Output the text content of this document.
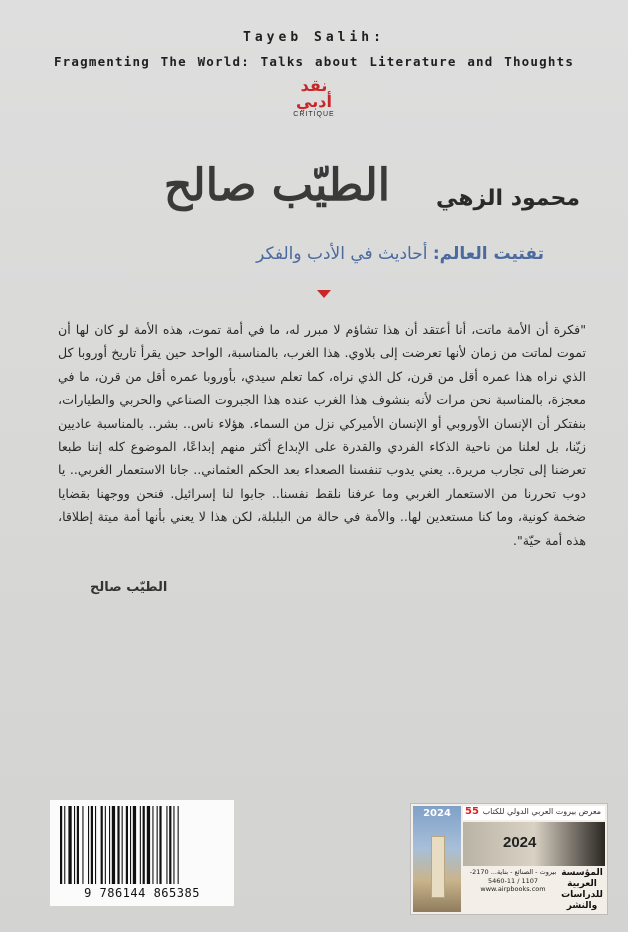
Tayeb Salih:
Fragmenting The World: Talks about Literature and Thoughts
نقد أدبي
CRITIQUE
الطيّب صالح محمود الزهي
تفتيت العالم: أحاديث في الأدب والفكر
"فكرة أن الأمة ماتت، أنا أعتقد أن هذا تشاؤم لا مبرر له، ما في أمة تموت، هذه الأمة لو كان لها أن تموت لماتت من زمان لأنها تعرضت إلى بلاوي. هذا الغرب، بالمناسبة، الواحد حين يقرأ تاريخ أوروبا كل الذي نراه هذا عمره أقل من قرن، كل الذي نراه، كما تعلم سيدي، بأوروبا عمره أقل من قرن، ما في معجزة، بالمناسبة نحن مرات لأنه بنشوف هذا الغرب عنده هذا الجبروت الصناعي والحربي والطيارات، بنفتكر أن الإنسان الأوروبي أو الإنسان الأميركي نزل من السماء. هؤلاء ناس.. بشر.. بالمناسبة عاديين زيّنا، بل لعلنا من ناحية الذكاء الفردي والقدرة على الإبداع أكثر منهم إبداعًا، الموضوع كله إننا طبعا تعرضنا إلى تجارب مريرة.. يعني يدوب تنفسنا الصعداء بعد الحكم العثماني.. جانا الاستعمار الغربي.. يا دوب تحررنا من الاستعمار الغربي وما عرفنا نلقط نفسنا.. جابوا لنا إسرائيل. فنحن ووجهنا بقضايا ضخمة كونية، وما كنا مستعدين لها.. والأمة في حالة من البلبلة، لكن هذا لا يعني بأنها أمة ميتة إطلاقا، هذه أمة حيّة".
الطيّب صالح
9 786144 865385
2024	55 معرض بيروت العربي الدولي للكتاب
2024
بيروت - الصنائع - بناية... 2170-1107 / 11-5460 www.airpbooks.com
المؤسسة العربية للدراسات والنشر
